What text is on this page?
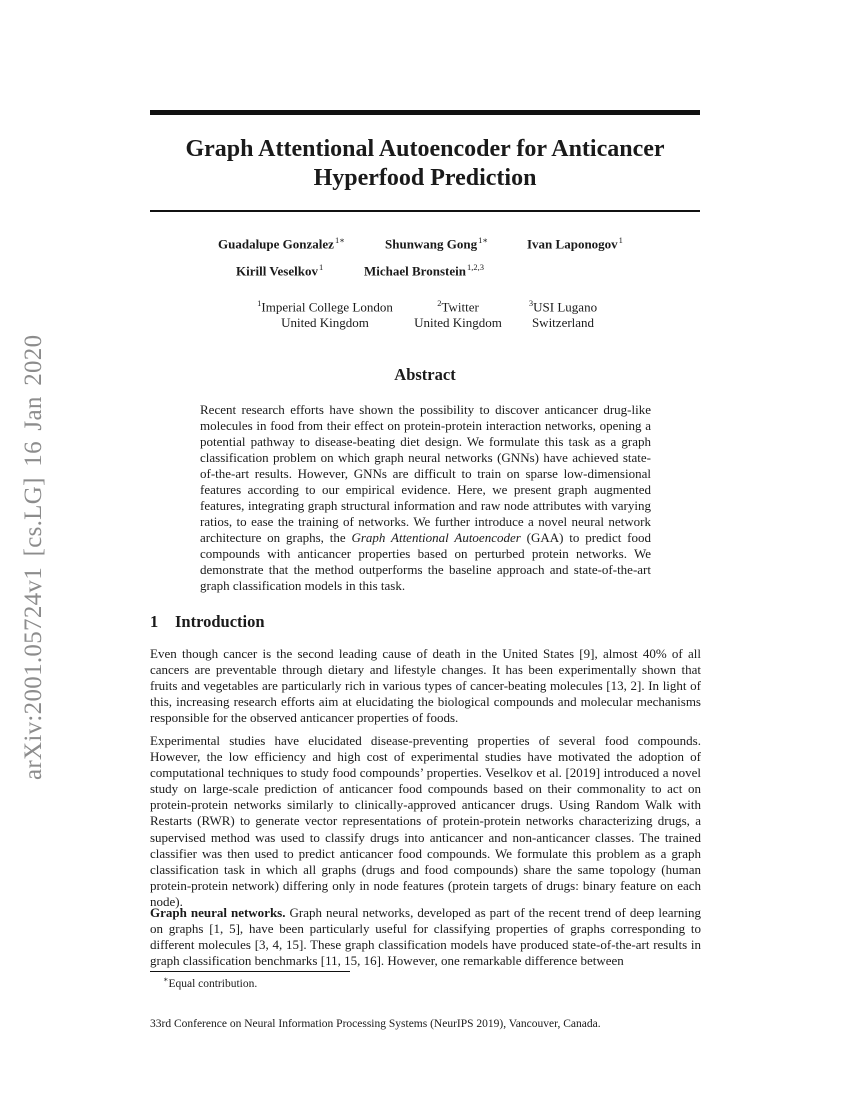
arXiv:2001.05724v1 [cs.LG] 16 Jan 2020
Graph Attentional Autoencoder for Anticancer
Hyperfood Prediction
Guadalupe Gonzalez$^{1∗}$	Shunwang Gong$^{1∗}$	Ivan Laponogov$^1$
Kirill Veselkov$^1$	Michael Bronstein$^{1,2,3}$
$^1$Imperial College London
United Kingdom
$^2$Twitter
United Kingdom
$^3$USI Lugano
Switzerland
Abstract
Recent research efforts have shown the possibility to discover anticancer drug-like molecules in food from their effect on protein-protein interaction networks, opening a potential pathway to disease-beating diet design. We formulate this task as a graph classification problem on which graph neural networks (GNNs) have achieved state-of-the-art results. However, GNNs are difficult to train on sparse low-dimensional features according to our empirical evidence. Here, we present graph augmented features, integrating graph structural information and raw node attributes with varying ratios, to ease the training of networks. We further introduce a novel neural network architecture on graphs, the Graph Attentional Autoencoder (GAA) to predict food compounds with anticancer properties based on perturbed protein networks. We demonstrate that the method outperforms the baseline approach and state-of-the-art graph classification models in this task.
1 Introduction
Even though cancer is the second leading cause of death in the United States [9], almost 40% of all cancers are preventable through dietary and lifestyle changes. It has been experimentally shown that fruits and vegetables are particularly rich in various types of cancer-beating molecules [13, 2]. In light of this, increasing research efforts aim at elucidating the biological compounds and molecular mechanisms responsible for the observed anticancer properties of foods.
Experimental studies have elucidated disease-preventing properties of several food compounds. However, the low efficiency and high cost of experimental studies have motivated the adoption of computational techniques to study food compounds’ properties. Veselkov et al. [2019] introduced a novel study on large-scale prediction of anticancer food compounds based on their commonality to act on protein-protein networks similarly to clinically-approved anticancer drugs. Using Random Walk with Restarts (RWR) to generate vector representations of protein-protein networks characterizing drugs, a supervised method was used to classify drugs into anticancer and non-anticancer classes. The trained classifier was then used to predict anticancer food compounds. We formulate this problem as a graph classification task in which all graphs (drugs and food compounds) share the same topology (human protein-protein network) differing only in node features (protein targets of drugs: binary feature on each node).
Graph neural networks. Graph neural networks, developed as part of the recent trend of deep learning on graphs [1, 5], have been particularly useful for classifying properties of graphs corresponding to different molecules [3, 4, 15]. These graph classification models have produced state-of-the-art results in graph classification benchmarks [11, 15, 16]. However, one remarkable difference between
∗Equal contribution.
33rd Conference on Neural Information Processing Systems (NeurIPS 2019), Vancouver, Canada.
